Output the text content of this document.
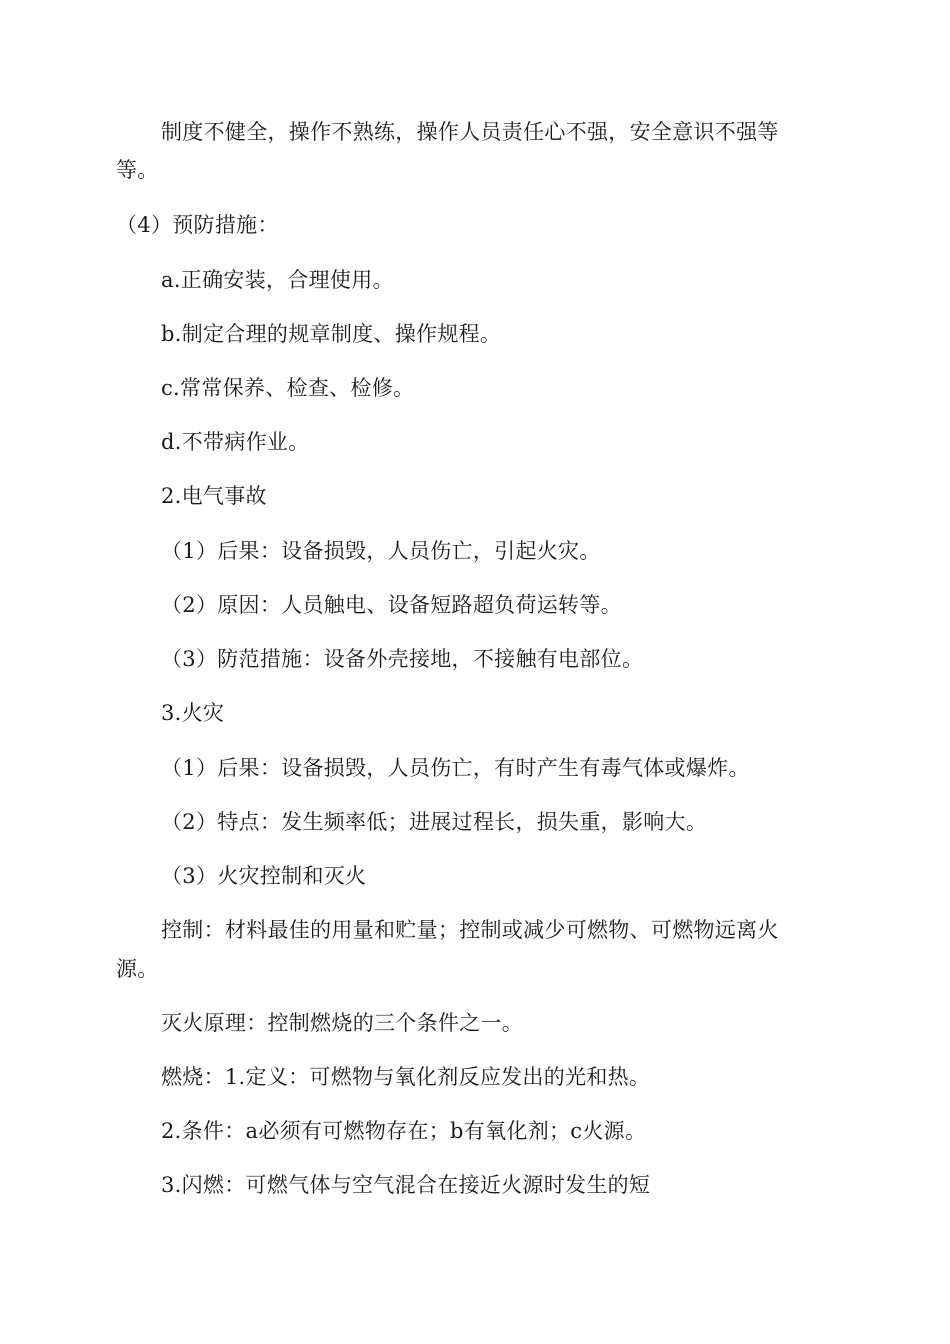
制度不健全，操作不熟练，操作人员责任心不强，安全意识不强等
等。
（4）预防措施：
a.正确安装，合理使用。
b.制定合理的规章制度、操作规程。
c.常常保养、检查、检修。
d.不带病作业。
2.电气事故
（1）后果：设备损毁，人员伤亡，引起火灾。
（2）原因：人员触电、设备短路超负荷运转等。
（3）防范措施：设备外壳接地，不接触有电部位。
3.火灾
（1）后果：设备损毁，人员伤亡，有时产生有毒气体或爆炸。
（2）特点：发生频率低；进展过程长，损失重，影响大。
（3）火灾控制和灭火
控制：材料最佳的用量和贮量；控制或减少可燃物、可燃物远离火
源。
灭火原理：控制燃烧的三个条件之一。
燃烧：1.定义：可燃物与氧化剂反应发出的光和热。
2.条件：a必须有可燃物存在；b有氧化剂；c火源。
3.闪燃：可燃气体与空气混合在接近火源时发生的短
